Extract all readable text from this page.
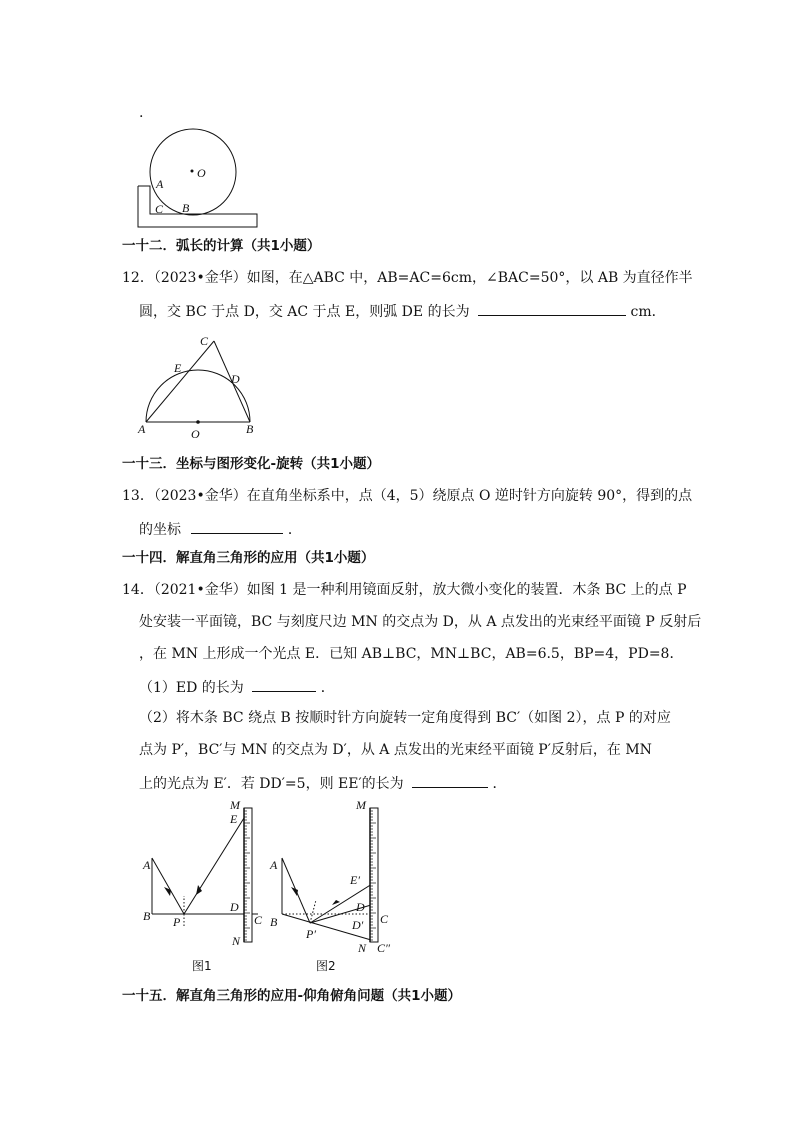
.
O
A
C B
一十二．弧长的计算（共1小题）
12．（2023•金华）如图，在△ABC 中，AB=AC=6cm，∠BAC=50°，以 AB 为直径作半
圆，交 BC 于点 D，交 AC 于点 E，则弧 DE 的长为	cm．
C
E
D
A	O	B
一十三．坐标与图形变化-旋转（共1小题）
13．（2023•金华）在直角坐标系中，点（4，5）绕原点 O 逆时针方向旋转 90°，得到的点
的坐标	．
一十四．解直角三角形的应用（共1小题）
14．（2021•金华）如图 1 是一种利用镜面反射，放大微小变化的装置．木条 BC 上的点 P
处安装一平面镜，BC 与刻度尺边 MN 的交点为 D，从 A 点发出的光束经平面镜 P 反射后
，在 MN 上形成一个光点 E．已知 AB⊥BC，MN⊥BC，AB=6.5，BP=4，PD=8．
（1）ED 的长为	．
（2）将木条 BC 绕点 B 按顺时针方向旋转一定角度得到 BC′（如图 2），点 P 的对应
点为 P′，BC′与 MN 的交点为 D′，从 A 点发出的光束经平面镜 P′反射后，在 MN
上的光点为 E′．若 DD′=5，则 EE′的长为	．
M
E
A
D
B P	C
N
图1
M
A
E′
D
B	C
D′
P′
N C″
图2
一十五．解直角三角形的应用-仰角俯角问题（共1小题）
